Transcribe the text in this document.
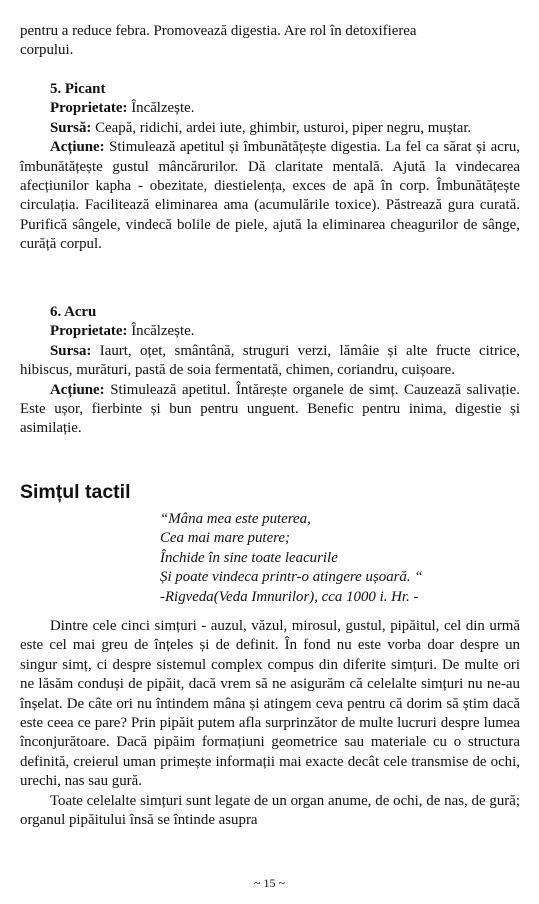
pentru a reduce febra. Promovează digestia. Are rol în detoxifierea
corpului.

5. Picant

Proprietate: Încălzește.

Sursă: Ceapă, ridichi, ardei iute, ghimbir, usturoi, piper negru, muștar.

Acțiune: Stimulează apetitul și îmbunătățește digestia. La fel ca sărat și acru, îmbunătățește gustul mâncărurilor. Dă claritate mentală. Ajută la vindecarea afecțiunilor kapha - obezitate, diestielența, exces de apă în corp. Îmbunătățește circulația. Facilitează eliminarea ama (acumulările toxice). Păstrează gura curată. Purifică sângele, vindecă bolile de piele, ajută la eliminarea cheagurilor de sânge, curăță corpul.

6. Acru

Proprietate: Încălzește.

Sursa: Iaurt, oțet, smântână, struguri verzi, lămâie și alte fructe citrice, hibiscus, murături, pastă de soia fermentată, chimen, coriandru, cuișoare.

Acțiune: Stimulează apetitul. Întărește organele de simț. Cauzează salivație. Este ușor, fierbinte și bun pentru unguent. Benefic pentru inima, digestie și asimilație.

Simțul tactil
“Mâna mea este puterea,
Cea mai mare putere;
Închide în sine toate leacurile
Și poate vindeca printr-o atingere ușoară. “
-Rigveda(Veda Imnurilor), cca 1000 i. Hr. -

Dintre cele cinci simțuri - auzul, văzul, mirosul, gustul, pipăitul, cel din urmă este cel mai greu de înțeles și de definit. În fond nu este vorba doar despre un singur simț, ci despre sistemul complex compus din diferite simțuri. De multe ori ne lăsăm conduși de pipăit, dacă vrem să ne asigurăm că celelalte simțuri nu ne-au înșelat. De câte ori nu întindem mâna și atingem ceva pentru că dorim să știm dacă este ceea ce pare? Prin pipăit putem afla surprinzător de multe lucruri despre lumea înconjurătoare. Dacă pipăim formațiuni geometrice sau materiale cu o structura definită, creierul uman primește informații mai exacte decât cele transmise de ochi, urechi, nas sau gură.

Toate celelalte simțuri sunt legate de un organ anume, de ochi, de nas, de gură; organul pipăitului însă se întinde asupra

~ 15 ~
